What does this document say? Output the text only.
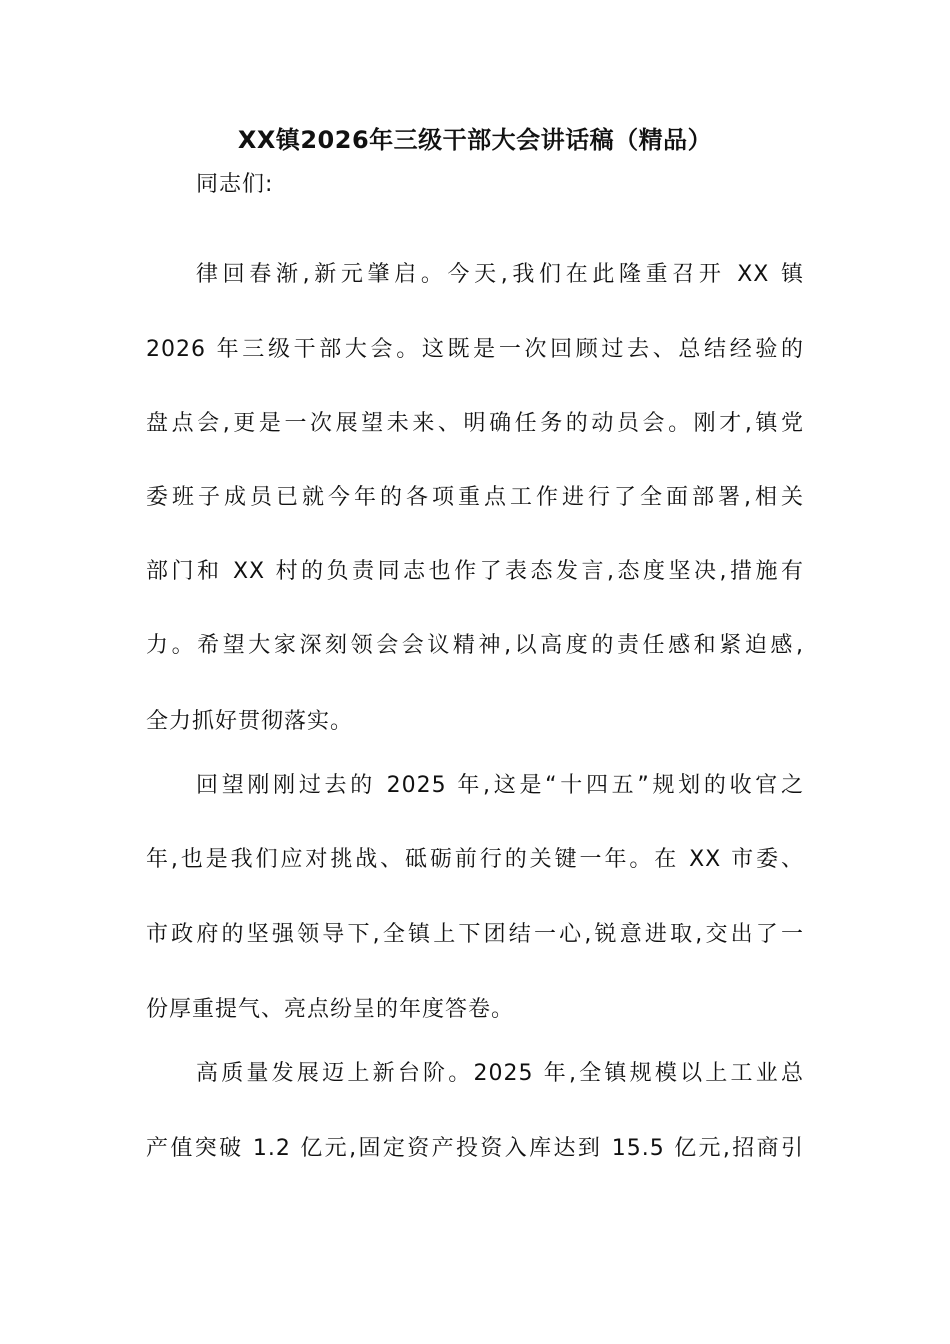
XX镇2026年三级干部大会讲话稿（精品）
同志们:
律回春渐,新元肇启。今天,我们在此隆重召开 XX 镇
2026 年三级干部大会。这既是一次回顾过去、总结经验的
盘点会,更是一次展望未来、明确任务的动员会。刚才,镇党
委班子成员已就今年的各项重点工作进行了全面部署,相关
部门和 XX 村的负责同志也作了表态发言,态度坚决,措施有
力。希望大家深刻领会会议精神,以高度的责任感和紧迫感,
全力抓好贯彻落实。
回望刚刚过去的 2025 年,这是“十四五”规划的收官之
年,也是我们应对挑战、砥砺前行的关键一年。在 XX 市委、
市政府的坚强领导下,全镇上下团结一心,锐意进取,交出了一
份厚重提气、亮点纷呈的年度答卷。
高质量发展迈上新台阶。2025 年,全镇规模以上工业总
产值突破 1.2 亿元,固定资产投资入库达到 15.5 亿元,招商引
